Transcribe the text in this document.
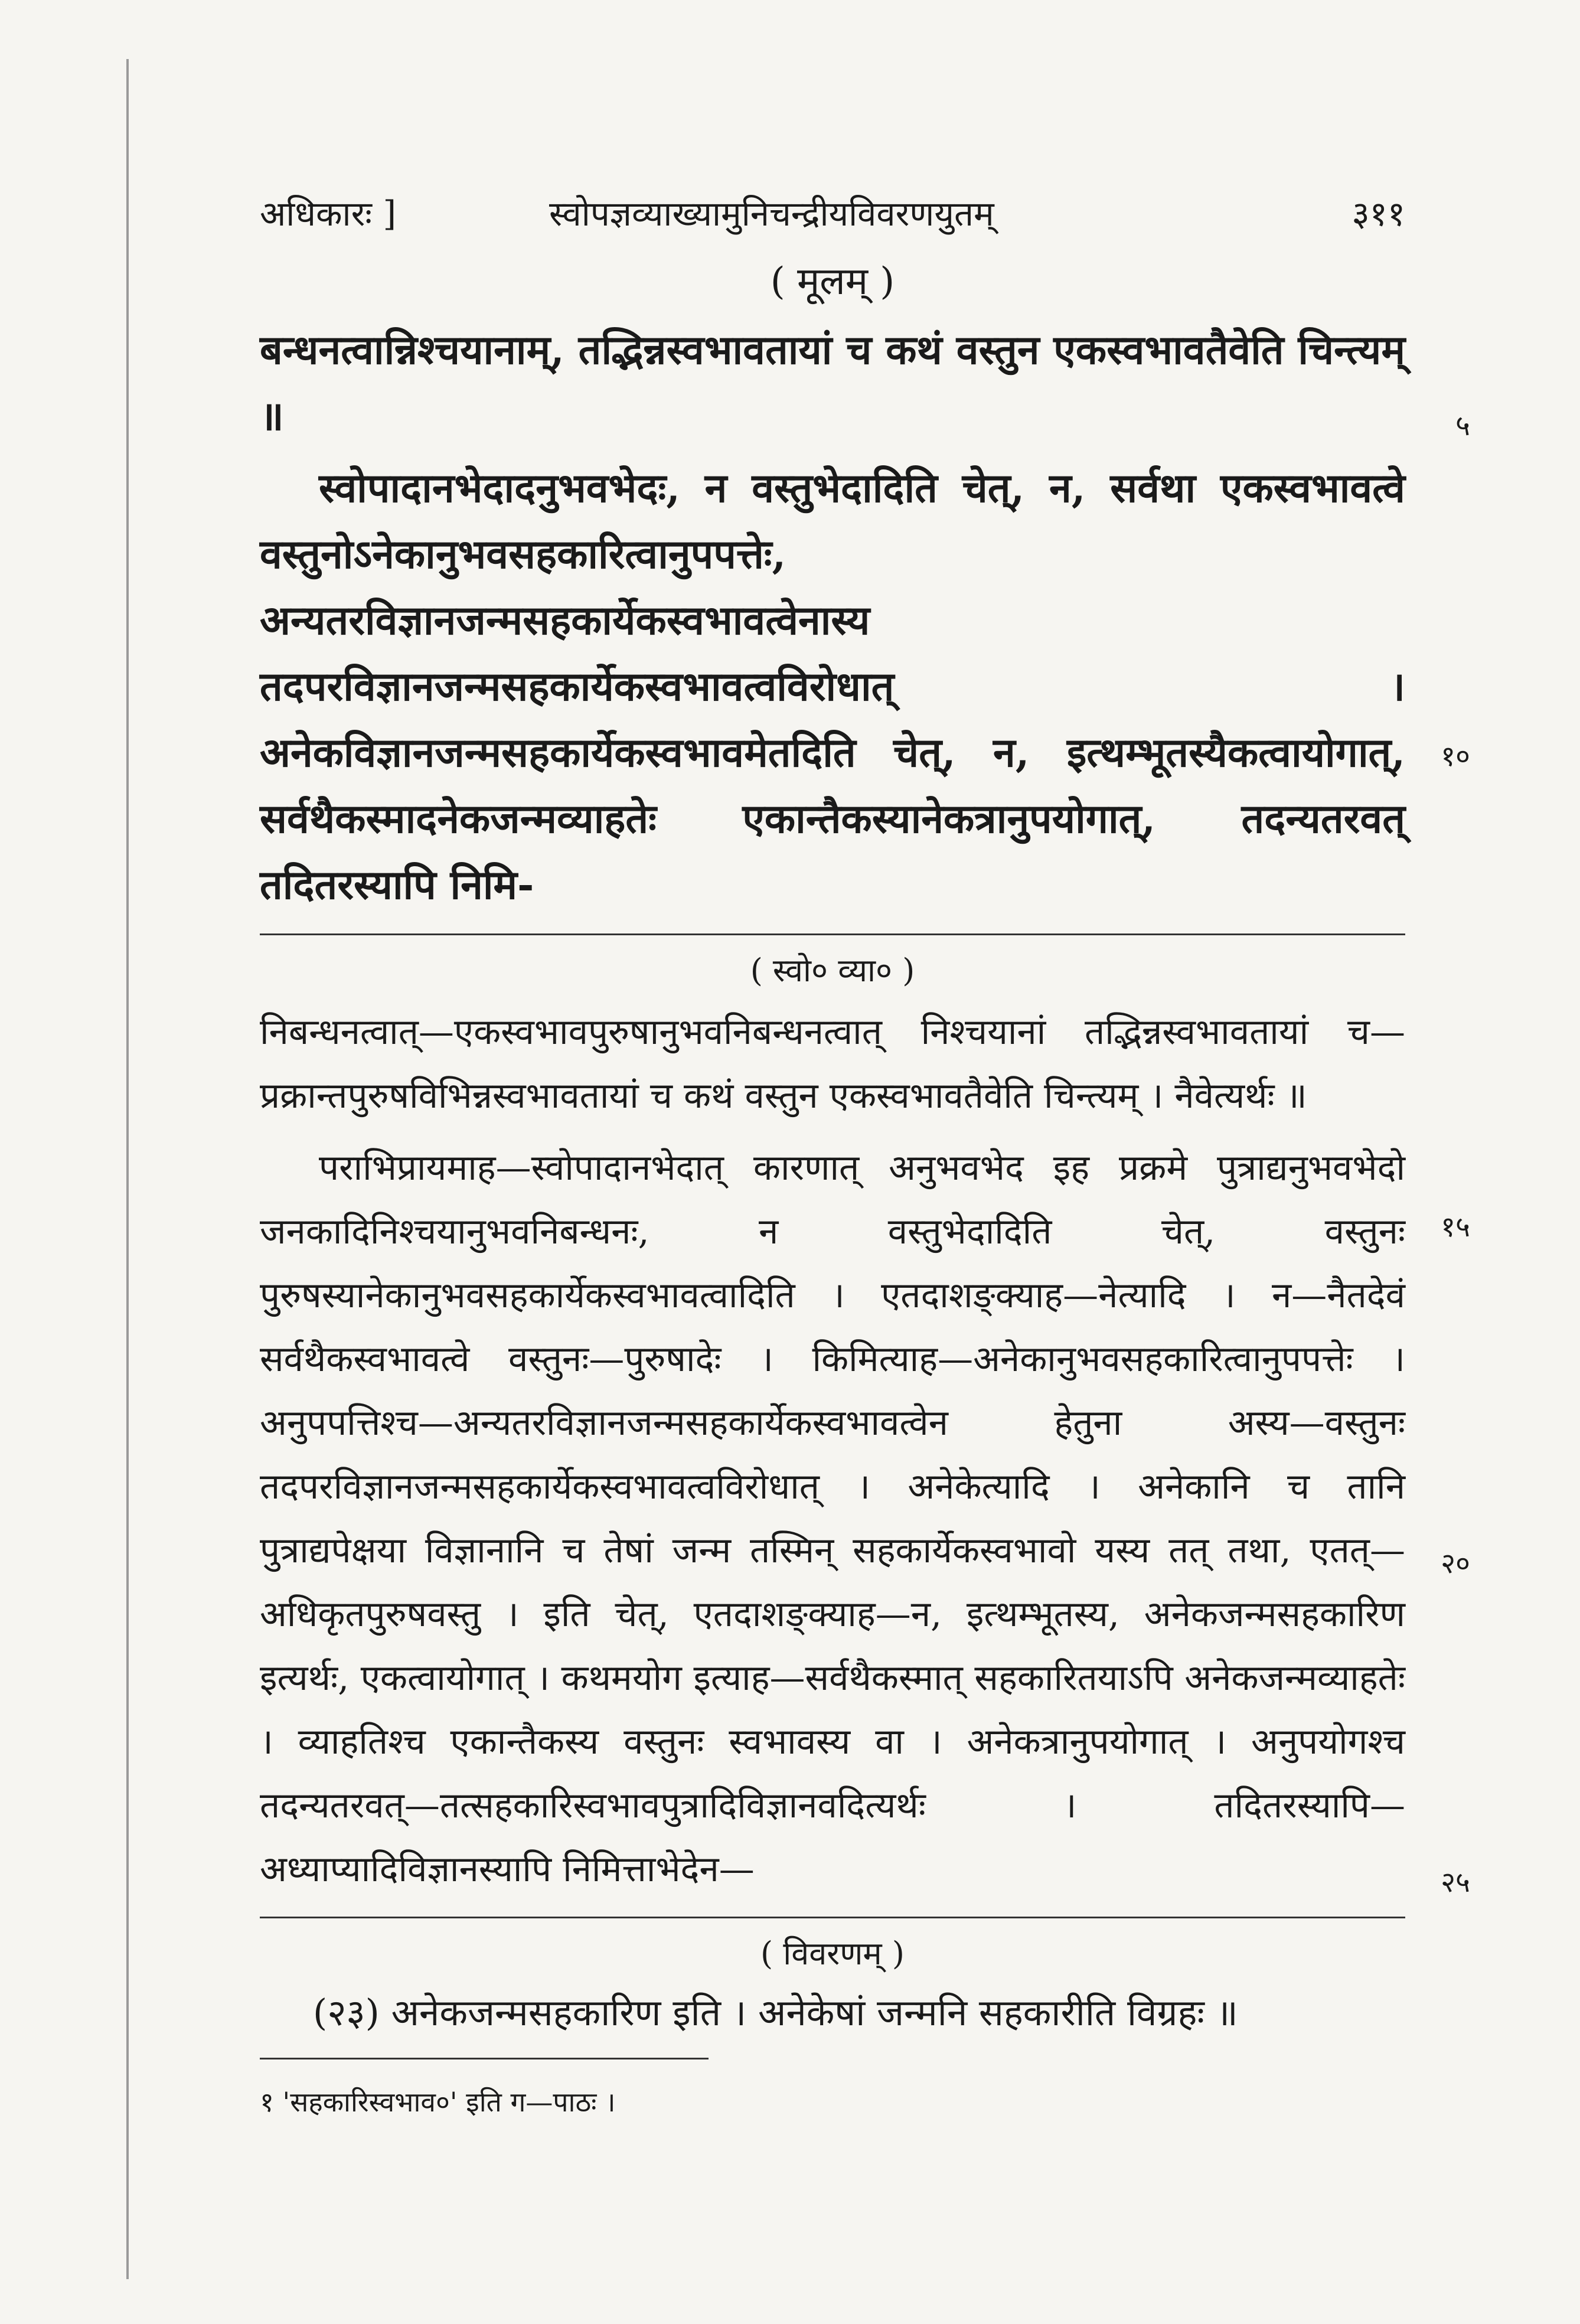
अधिकारः ]	स्वोपज्ञव्याख्यामुनिचन्द्रीयविवरणयुतम्	३११
( मूलम् )

बन्धनत्वान्निश्चयानाम्, तद्भिन्नस्वभावतायां च कथं वस्तुन एकस्वभावतैवेति चिन्त्यम् ॥

स्वोपादानभेदादनुभवभेदः, न वस्तुभेदादिति चेत्, न, सर्वथा एकस्वभावत्वे वस्तुनोऽनेकानुभवसहकारित्वानुपपत्तेः, अन्यतरविज्ञानजन्मसहकार्येकस्वभावत्वेनास्य तदपरविज्ञानजन्मसहकार्येकस्वभावत्वविरोधात् । अनेकविज्ञानजन्मसहकार्येकस्वभावमेतदिति चेत्, न, इत्थम्भूतस्यैकत्वायोगात्, सर्वथैकस्मादनेकजन्मव्याहतेः एकान्तैकस्यानेकत्रानुपयोगात्, तदन्यतरवत् तदितरस्यापि निमि-

५
१०
( स्वो० व्या० )

निबन्धनत्वात्—एकस्वभावपुरुषानुभवनिबन्धनत्वात् निश्चयानां तद्भिन्नस्वभावतायां च—प्रक्रान्तपुरुषविभिन्नस्वभावतायां च कथं वस्तुन एकस्वभावतैवेति चिन्त्यम् । नैवेत्यर्थः ॥

पराभिप्रायमाह—स्वोपादानभेदात् कारणात् अनुभवभेद इह प्रक्रमे पुत्राद्यनुभवभेदो जनकादिनिश्चयानुभवनिबन्धनः, न वस्तुभेदादिति चेत्, वस्तुनः पुरुषस्यानेकानुभवसहकार्येकस्वभावत्वादिति । एतदाशङ्क्याह—नेत्यादि । न—नैतदेवं सर्वथैकस्वभावत्वे वस्तुनः—पुरुषादेः । किमित्याह—अनेकानुभवसहकारित्वानुपपत्तेः । अनुपपत्तिश्च—अन्यतरविज्ञानजन्मसहकार्येकस्वभावत्वेन हेतुना अस्य—वस्तुनः तदपरविज्ञानजन्मसहकार्येकस्वभावत्वविरोधात् । अनेकेत्यादि । अनेकानि च तानि पुत्राद्यपेक्षया विज्ञानानि च तेषां जन्म तस्मिन् सहकार्येकस्वभावो यस्य तत् तथा, एतत्—अधिकृतपुरुषवस्तु । इति चेत्, एतदाशङ्क्याह—न, इत्थम्भूतस्य, अनेकजन्मसहकारिण इत्यर्थः, एकत्वायोगात् । कथमयोग इत्याह—सर्वथैकस्मात् सहकारितयाऽपि अनेकजन्मव्याहतेः । व्याहतिश्च एकान्तैकस्य वस्तुनः स्वभावस्य वा । अनेकत्रानुपयोगात् । अनुपयोगश्च तदन्यतरवत्—तत्सहकारिस्वभावपुत्रादिविज्ञानवदित्यर्थः । तदितरस्यापि—अध्याप्यादिविज्ञानस्यापि निमित्ताभेदेन—

१५
२०
२५
( विवरणम् )
(२३) अनेकजन्मसहकारिण इति । अनेकेषां जन्मनि सहकारीति विग्रहः ॥
१ 'सहकारिस्वभाव०' इति ग—पाठः ।
